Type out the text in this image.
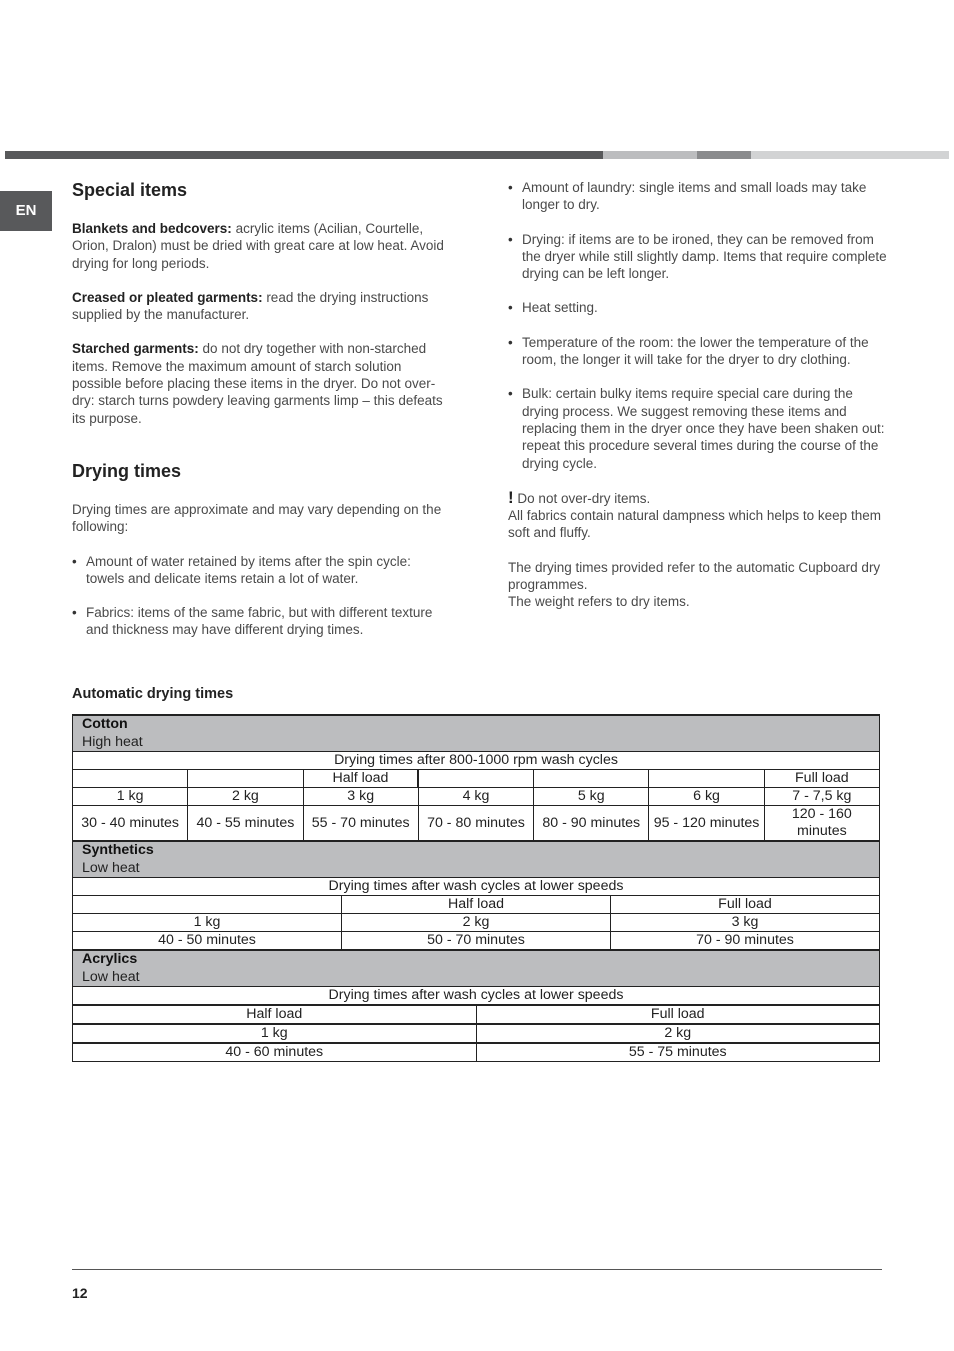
EN
Special items

Blankets and bedcovers: acrylic items (Acilian, Courtelle, Orion, Dralon) must be dried with great care at low heat. Avoid drying for long periods.

Creased or pleated garments: read the drying instructions supplied by the manufacturer.

Starched garments: do not dry together with non-starched items. Remove the maximum amount of starch solution possible before placing these items in the dryer. Do not over-dry: starch turns powdery leaving garments limp – this defeats its purpose.

Drying times

Drying times are approximate and may vary depending on the following:

• Amount of water retained by items after the spin cycle: towels and delicate items retain a lot of water.

• Fabrics: items of the same fabric, but with different texture and thickness may have different drying times.

• Amount of laundry: single items and small loads may take longer to dry.

• Drying: if items are to be ironed, they can be removed from the dryer while still slightly damp. Items that require complete drying can be left longer.

• Heat setting.

• Temperature of the room: the lower the temperature of the room, the longer it will take for the dryer to dry clothing.

• Bulk: certain bulky items require special care during the drying process. We suggest removing these items and replacing them in the dryer once they have been shaken out: repeat this procedure several times during the course of the drying cycle.

! Do not over-dry items.

All fabrics contain natural dampness which helps to keep them soft and fluffy.

The drying times provided refer to the automatic Cupboard dry programmes.

The weight refers to dry items.

Automatic drying times
Cotton
High heat						
Drying times after 800-1000 rpm wash cycles						
		Half load				Full load
1 kg	2 kg	3 kg	4 kg	5 kg	6 kg	7 - 7,5 kg
30 - 40 minutes	40 - 55 minutes	55 - 70 minutes	70 - 80 minutes	80 - 90 minutes	95 - 120 minutes	120 - 160 minutes
Synthetics
Low heat		
Drying times after wash cycles at lower speeds		
	Half load	Full load
1 kg	2 kg	3 kg
40 - 50 minutes	50 - 70 minutes	70 - 90 minutes
Acrylics
Low heat	
Drying times after wash cycles at lower speeds	
Half load	Full load
1 kg	2 kg
40 - 60 minutes	55 - 75 minutes
12
